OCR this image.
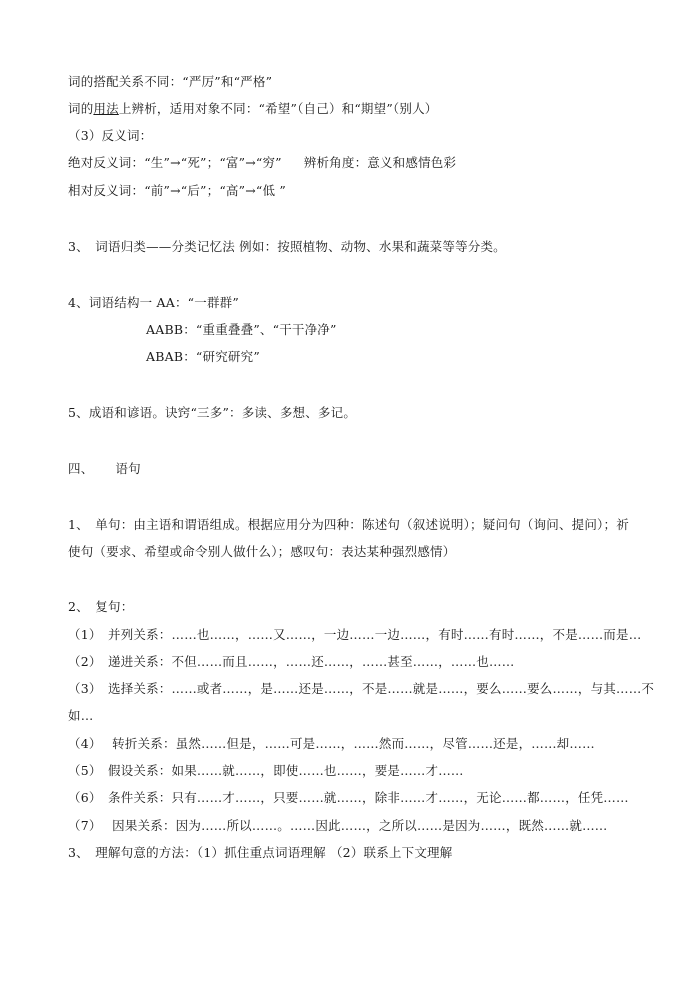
词的搭配关系不同：“严厉”和“严格”
词的用法上辨析，适用对象不同：“希望”（自己）和“期望”（别人）
（3）反义词：
绝对反义词：“生”→“死”；“富”→“穷” 辨析角度：意义和感情色彩
相对反义词：“前”→“后”；“高”→“低 ”
3、　词语归类——分类记忆法 例如：按照植物、动物、水果和蔬菜等等分类。
4、词语结构一 AA：“一群群”
AABB：“重重叠叠”、“干干净净”
ABAB：“研究研究”
5、成语和谚语。诀窍“三多”：多读、多想、多记。
四、 语句
1、　单句：由主语和谓语组成。根据应用分为四种：陈述句（叙述说明）；疑问句（询问、提问）；祈
使句（要求、希望或命令别人做什么）；感叹句：表达某种强烈感情）
2、　复句：
（1）　并列关系：……也……，……又……，一边……一边……，有时……有时……，不是……而是…
（2）　递进关系：不但……而且……，……还……，……甚至……，……也……
（3）　选择关系：……或者……，是……还是……，不是……就是……，要么……要么……，与其……不
如…
（4）　 转折关系：虽然……但是，……可是……，……然而……，尽管……还是，……却……
（5）　假设关系：如果……就……，即使……也……，要是……才……
（6）　条件关系：只有……才……，只要……就……，除非……才……，无论……都……，任凭……
（7）　 因果关系：因为……所以……。……因此……，之所以……是因为……，既然……就……
3、　理解句意的方法：（1）抓住重点词语理解 （2）联系上下文理解
